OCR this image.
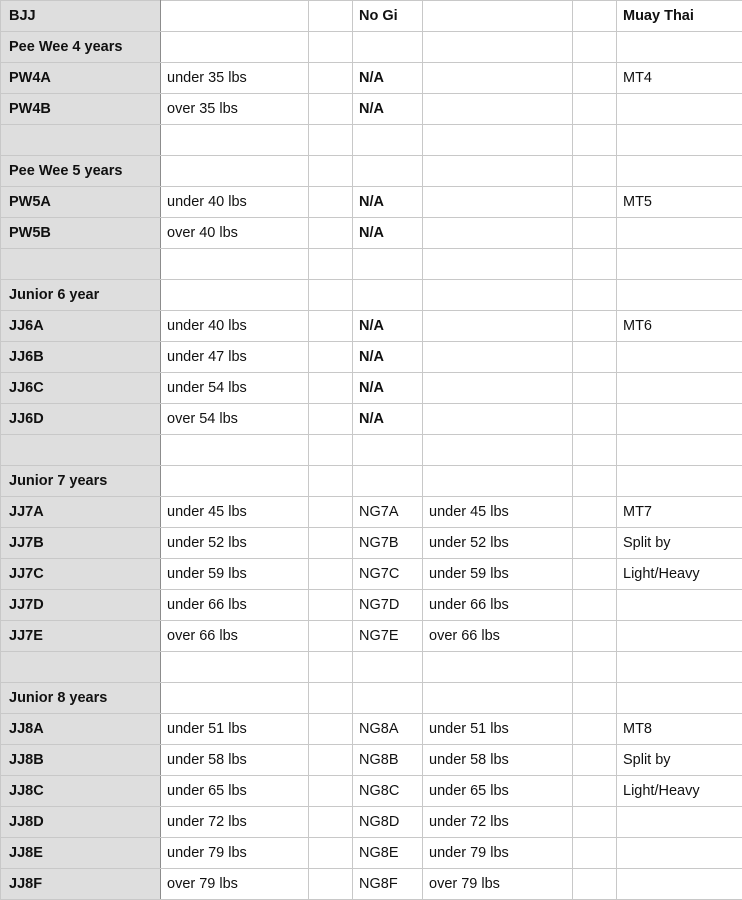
BJJ			No Gi			Muay Thai
Pee Wee 4 years						
PW4A	under 35 lbs		N/A			MT4
PW4B	over 35 lbs		N/A			

Pee Wee 5 years						
PW5A	under 40 lbs		N/A			MT5
PW5B	over 40 lbs		N/A			

Junior 6 year						
JJ6A	under 40 lbs		N/A			MT6
JJ6B	under 47 lbs		N/A			
JJ6C	under 54 lbs		N/A			
JJ6D	over 54 lbs		N/A			

Junior 7 years						
JJ7A	under 45 lbs		NG7A	under 45 lbs		MT7
JJ7B	under 52 lbs		NG7B	under 52 lbs		Split by
JJ7C	under 59 lbs		NG7C	under 59 lbs		Light/Heavy
JJ7D	under 66 lbs		NG7D	under 66 lbs		
JJ7E	over 66 lbs		NG7E	over 66 lbs		

Junior 8 years						
JJ8A	under 51 lbs		NG8A	under 51 lbs		MT8
JJ8B	under 58 lbs		NG8B	under 58 lbs		Split by
JJ8C	under 65 lbs		NG8C	under 65 lbs		Light/Heavy
JJ8D	under 72 lbs		NG8D	under 72 lbs		
JJ8E	under 79 lbs		NG8E	under 79 lbs		
JJ8F	over 79 lbs		NG8F	over 79 lbs		
